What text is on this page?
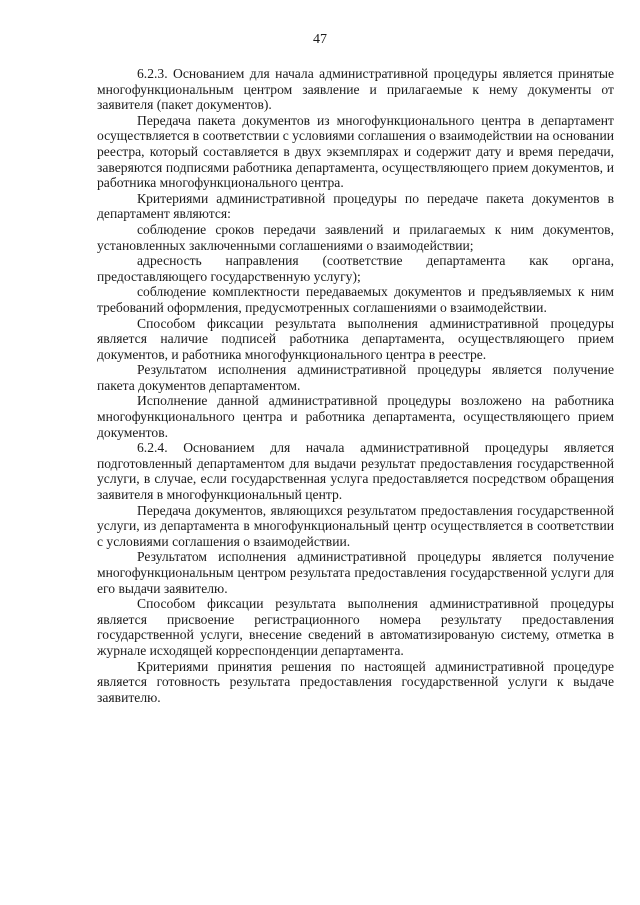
47

6.2.3. Основанием для начала административной процедуры является принятые многофункциональным центром заявление и прилагаемые к нему документы от заявителя (пакет документов).

Передача пакета документов из многофункционального центра в департамент осуществляется в соответствии с условиями соглашения о взаимодействии на основании реестра, который составляется в двух экземплярах и содержит дату и время передачи, заверяются подписями работника департамента, осуществляющего прием документов, и работника многофункционального центра.

Критериями административной процедуры по передаче пакета документов в департамент являются:

соблюдение сроков передачи заявлений и прилагаемых к ним документов, установленных заключенными соглашениями о взаимодействии;

адресность направления (соответствие департамента как органа, предоставляющего государственную услугу);

соблюдение комплектности передаваемых документов и предъявляемых к ним требований оформления, предусмотренных соглашениями о взаимодействии.

Способом фиксации результата выполнения административной процедуры является наличие подписей работника департамента, осуществляющего прием документов, и работника многофункционального центра в реестре.

Результатом исполнения административной процедуры является получение пакета документов департаментом.

Исполнение данной административной процедуры возложено на работника многофункционального центра и работника департамента, осуществляющего прием документов.

6.2.4. Основанием для начала административной процедуры является подготовленный департаментом для выдачи результат предоставления государственной услуги, в случае, если государственная услуга предоставляется посредством обращения заявителя в многофункциональный центр.

Передача документов, являющихся результатом предоставления государственной услуги, из департамента в многофункциональный центр осуществляется в соответствии с условиями соглашения о взаимодействии.

Результатом исполнения административной процедуры является получение многофункциональным центром результата предоставления государственной услуги для его выдачи заявителю.

Способом фиксации результата выполнения административной процедуры является присвоение регистрационного номера результату предоставления государственной услуги, внесение сведений в автоматизированую систему, отметка в журнале исходящей корреспонденции департамента.

Критериями принятия решения по настоящей административной процедуре является готовность результата предоставления государственной услуги к выдаче заявителю.
